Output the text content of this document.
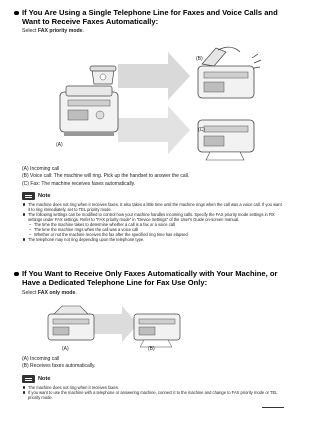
If You Are Using a Single Telephone Line for Faxes and Voice Calls and Want to Receive Faxes Automatically:
Select FAX priority mode.
(B)
(A)
(C)
(A) Incoming call
(B) Voice call: The machine will ring. Pick up the handset to answer the call.
(C) Fax: The machine receives faxes automatically.
Note
The machine does not ring when it receives faxes. It also takes a little time until the machine rings when the call was a voice call. If you want it to ring immediately, set to TEL priority mode.
The following settings can be modified to control how your machine handles incoming calls. Specify the FAX priority mode settings in RX settings under FAX settings. Refer to "FAX priority mode" in "Device Settings" of the User's Guide on-screen manual.
– The time the machine takes to determine whether a call is a fax or a voice call
– The time the machine rings when the call was a voice call
– Whether or not the machine receives the fax after the specified ring time has elapsed
The telephone may not ring depending upon the telephone type.
If You Want to Receive Only Faxes Automatically with Your Machine, or Have a Dedicated Telephone Line for Fax Use Only:
Select FAX only mode.
(A)	(B)
(A) Incoming call
(B) Receives faxes automatically.
Note
The machine does not ring when it receives faxes.
If you want to use the machine with a telephone or answering machine, connect it to the machine and change to FAX priority mode or TEL priority mode.
